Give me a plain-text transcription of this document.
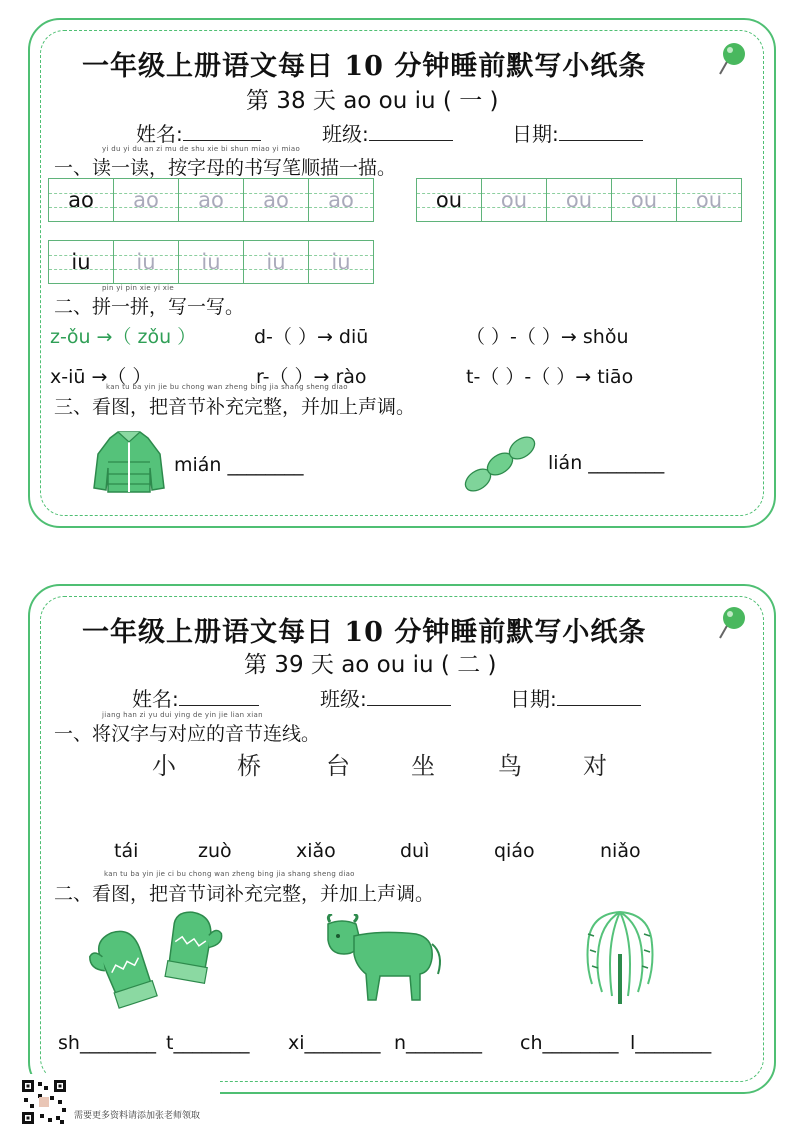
一年级上册语文每日 10 分钟睡前默写小纸条
第 38 天 ao ou iu ( 一 )
姓名:	班级:	日期:
yi du yi du an zi mu de shu xie bi shun miao yi miao
一、读一读，按字母的书写笔顺描一描。
ao ao ao ao ao	ou ou ou ou ou
iu iu iu iu iu
pin yi pin xie yi xie
二、拼一拼，写一写。
z-ǒu →（ zǒu ）	d-（ ）→ diū	（ ）-（ ）→ shǒu
x-iū →（ ）	r-（ ）→ rào	t-（ ）-（ ）→ tiāo
kan tu ba yin jie bu chong wan zheng bing jia shang sheng diao
三、看图，把音节补充完整，并加上声调。
mián ________	lián ________
一年级上册语文每日 10 分钟睡前默写小纸条
第 39 天 ao ou iu ( 二 )
姓名:	班级:	日期:
jiang han zi yu dui ying de yin jie lian xian
一、将汉字与对应的音节连线。
小	桥	台	坐	鸟	对
tái	zuò	xiǎo	duì	qiáo	niǎo
kan tu ba yin jie ci bu chong wan zheng bing jia shang sheng diao
二、看图，把音节词补充完整，并加上声调。
sh________ t________ xi________ n________ ch________ l________
需要更多资料请添加张老师领取
